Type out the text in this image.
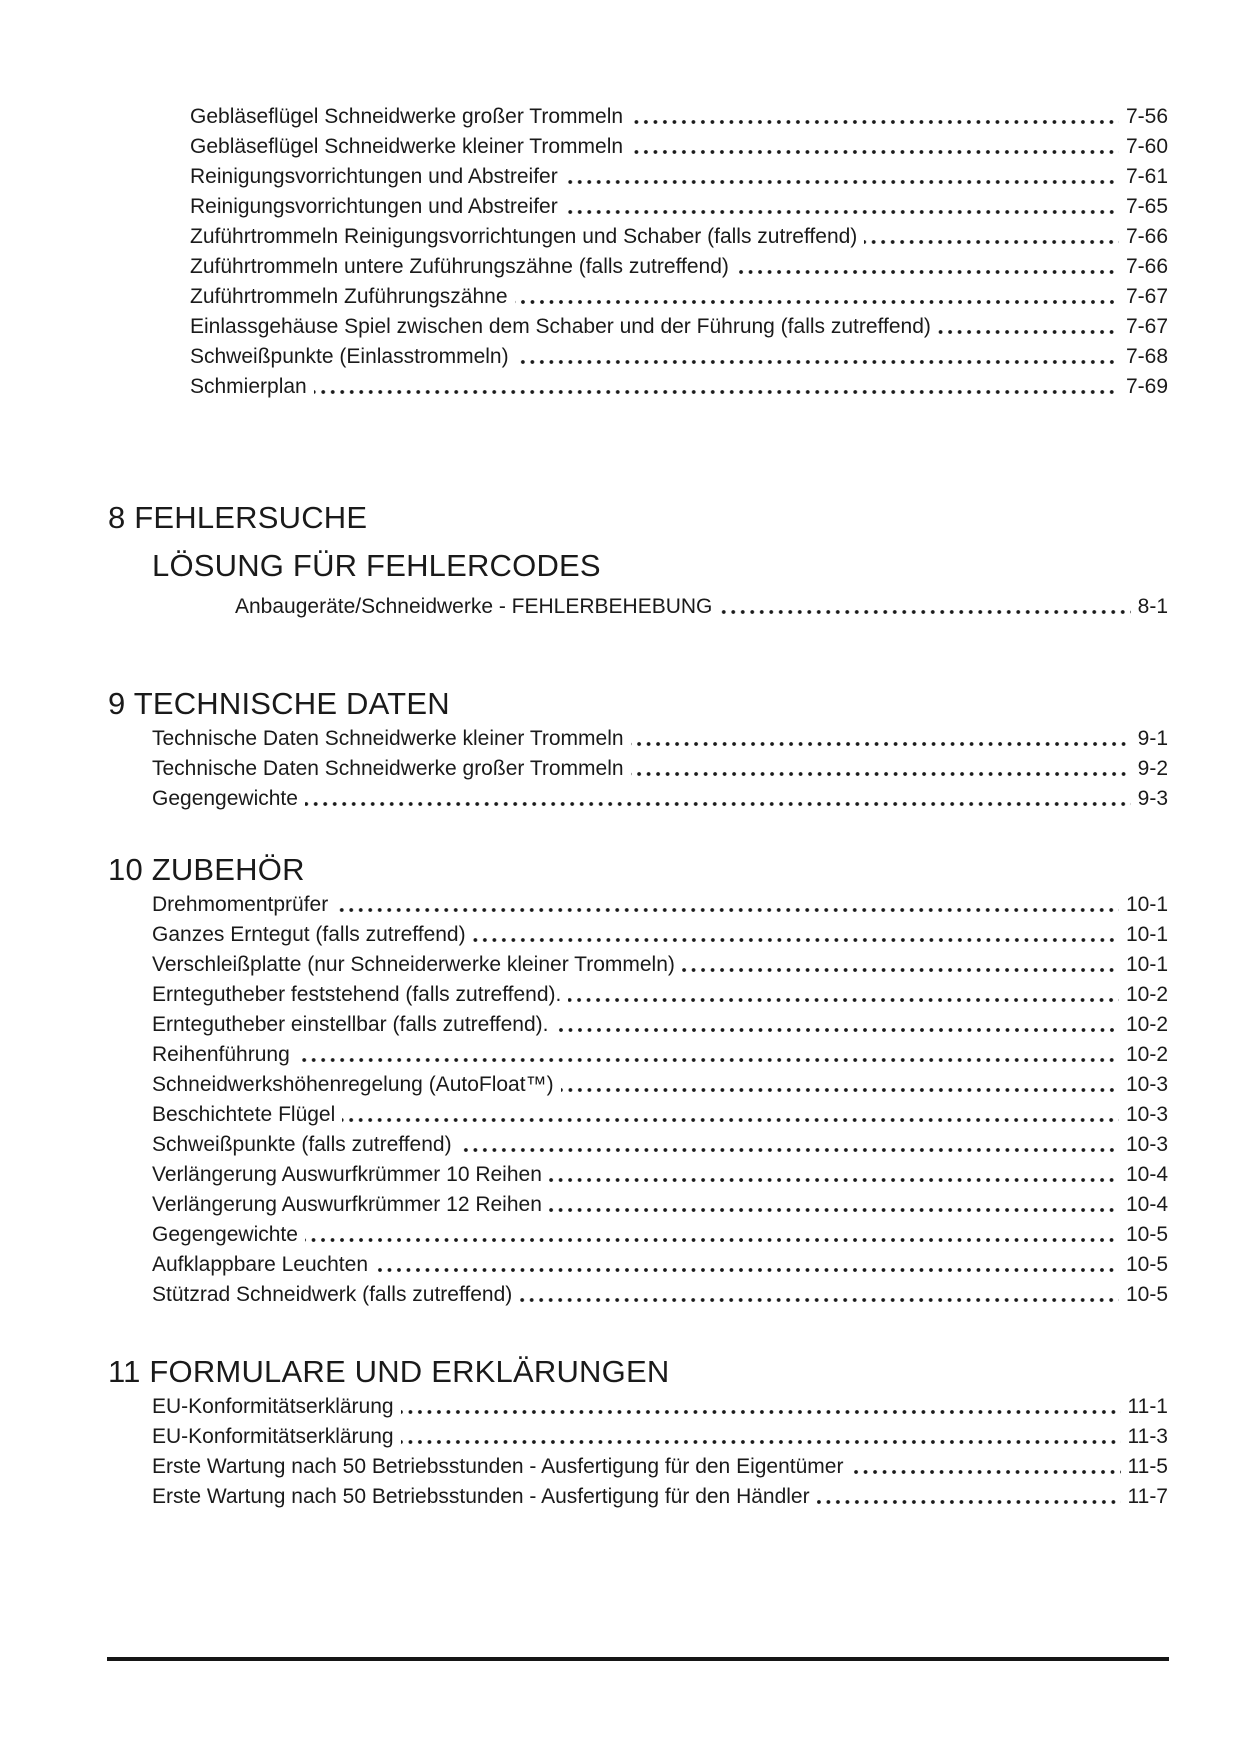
Gebläseflügel Schneidwerke großer Trommeln	7-56
Gebläseflügel Schneidwerke kleiner Trommeln	7-60
Reinigungsvorrichtungen und Abstreifer	7-61
Reinigungsvorrichtungen und Abstreifer	7-65
Zuführtrommeln Reinigungsvorrichtungen und Schaber (falls zutreffend)	7-66
Zuführtrommeln untere Zuführungszähne (falls zutreffend)	7-66
Zuführtrommeln Zuführungszähne	7-67
Einlassgehäuse Spiel zwischen dem Schaber und der Führung (falls zutreffend)	7-67
Schweißpunkte (Einlasstrommeln)	7-68
Schmierplan	7-69
8 FEHLERSUCHE
LÖSUNG FÜR FEHLERCODES
Anbaugeräte/Schneidwerke - FEHLERBEHEBUNG	8-1
9 TECHNISCHE DATEN
Technische Daten Schneidwerke kleiner Trommeln	9-1
Technische Daten Schneidwerke großer Trommeln	9-2
Gegengewichte	9-3
10 ZUBEHÖR
Drehmomentprüfer	10-1
Ganzes Erntegut (falls zutreffend)	10-1
Verschleißplatte (nur Schneiderwerke kleiner Trommeln)	10-1
Erntegutheber feststehend (falls zutreffend).	10-2
Erntegutheber einstellbar (falls zutreffend).	10-2
Reihenführung	10-2
Schneidwerkshöhenregelung (AutoFloat™)	10-3
Beschichtete Flügel	10-3
Schweißpunkte (falls zutreffend)	10-3
Verlängerung Auswurfkrümmer 10 Reihen	10-4
Verlängerung Auswurfkrümmer 12 Reihen	10-4
Gegengewichte	10-5
Aufklappbare Leuchten	10-5
Stützrad Schneidwerk (falls zutreffend)	10-5
11 FORMULARE UND ERKLÄRUNGEN
EU-Konformitätserklärung	11-1
EU-Konformitätserklärung	11-3
Erste Wartung nach 50 Betriebsstunden - Ausfertigung für den Eigentümer	11-5
Erste Wartung nach 50 Betriebsstunden - Ausfertigung für den Händler	11-7
